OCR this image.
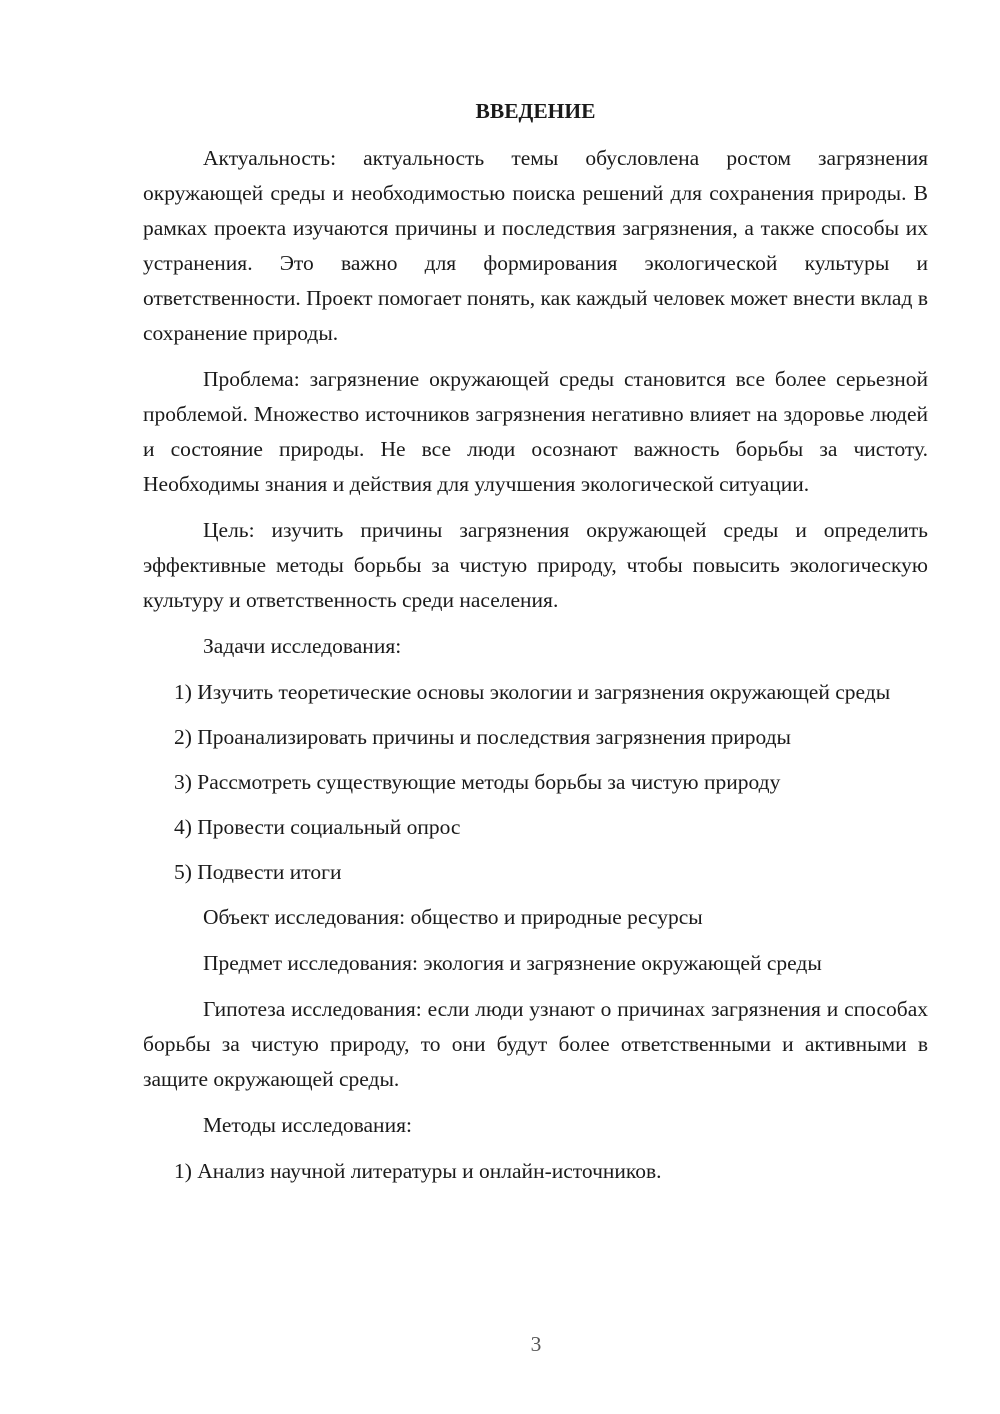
ВВЕДЕНИЕ

Актуальность: актуальность темы обусловлена ростом загрязнения окружающей среды и необходимостью поиска решений для сохранения природы. В рамках проекта изучаются причины и последствия загрязнения, а также способы их устранения. Это важно для формирования экологической культуры и ответственности. Проект помогает понять, как каждый человек может внести вклад в сохранение природы.

Проблема: загрязнение окружающей среды становится все более серьезной проблемой. Множество источников загрязнения негативно влияет на здоровье людей и состояние природы. Не все люди осознают важность борьбы за чистоту. Необходимы знания и действия для улучшения экологической ситуации.

Цель: изучить причины загрязнения окружающей среды и определить эффективные методы борьбы за чистую природу, чтобы повысить экологическую культуру и ответственность среди населения.

Задачи исследования:

1) Изучить теоретические основы экологии и загрязнения окружающей среды

2) Проанализировать причины и последствия загрязнения природы

3) Рассмотреть существующие методы борьбы за чистую природу

4) Провести социальный опрос

5) Подвести итоги

Объект исследования: общество и природные ресурсы

Предмет исследования: экология и загрязнение окружающей среды

Гипотеза исследования: если люди узнают о причинах загрязнения и способах борьбы за чистую природу, то они будут более ответственными и активными в защите окружающей среды.

Методы исследования:

1) Анализ научной литературы и онлайн-источников.

3
